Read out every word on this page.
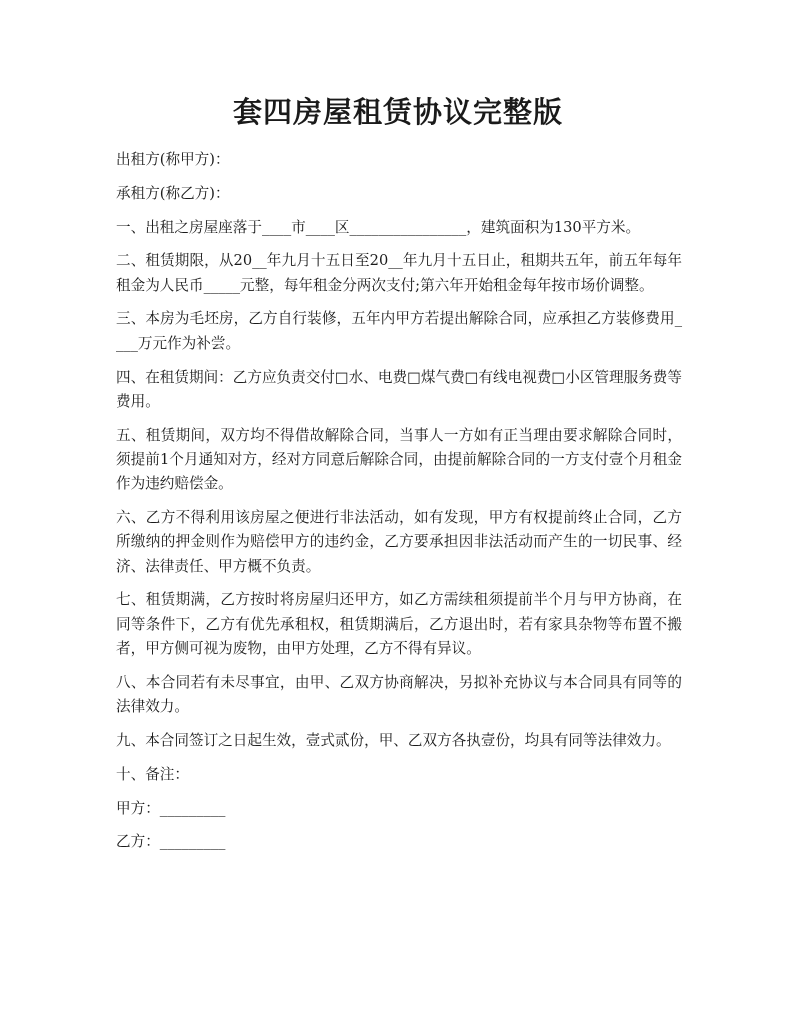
套四房屋租赁协议完整版

出租方(称甲方)：

承租方(称乙方)：

一、出租之房屋座落于____市____区________________，建筑面积为130平方米。

二、租赁期限，从20__年九月十五日至20__年九月十五日止，租期共五年，前五年每年租金为人民币_____元整，每年租金分两次支付;第六年开始租金每年按市场价调整。

三、本房为毛坯房，乙方自行装修，五年内甲方若提出解除合同，应承担乙方装修费用____万元作为补尝。

四、在租赁期间：乙方应负责交付□水、电费□煤气费□有线电视费□小区管理服务费等费用。

五、租赁期间，双方均不得借故解除合同，当事人一方如有正当理由要求解除合同时，须提前1个月通知对方，经对方同意后解除合同，由提前解除合同的一方支付壹个月租金作为违约赔偿金。

六、乙方不得利用该房屋之便进行非法活动，如有发现，甲方有权提前终止合同，乙方所缴纳的押金则作为赔偿甲方的违约金，乙方要承担因非法活动而产生的一切民事、经济、法律责任、甲方概不负责。

七、租赁期满，乙方按时将房屋归还甲方，如乙方需续租须提前半个月与甲方协商，在同等条件下，乙方有优先承租权，租赁期满后，乙方退出时，若有家具杂物等布置不搬者，甲方侧可视为废物，由甲方处理，乙方不得有异议。

八、本合同若有未尽事宜，由甲、乙双方协商解决，另拟补充协议与本合同具有同等的法律效力。

九、本合同签订之日起生效，壹式贰份，甲、乙双方各执壹份，均具有同等法律效力。

十、备注：

甲方：_________

乙方：_________
